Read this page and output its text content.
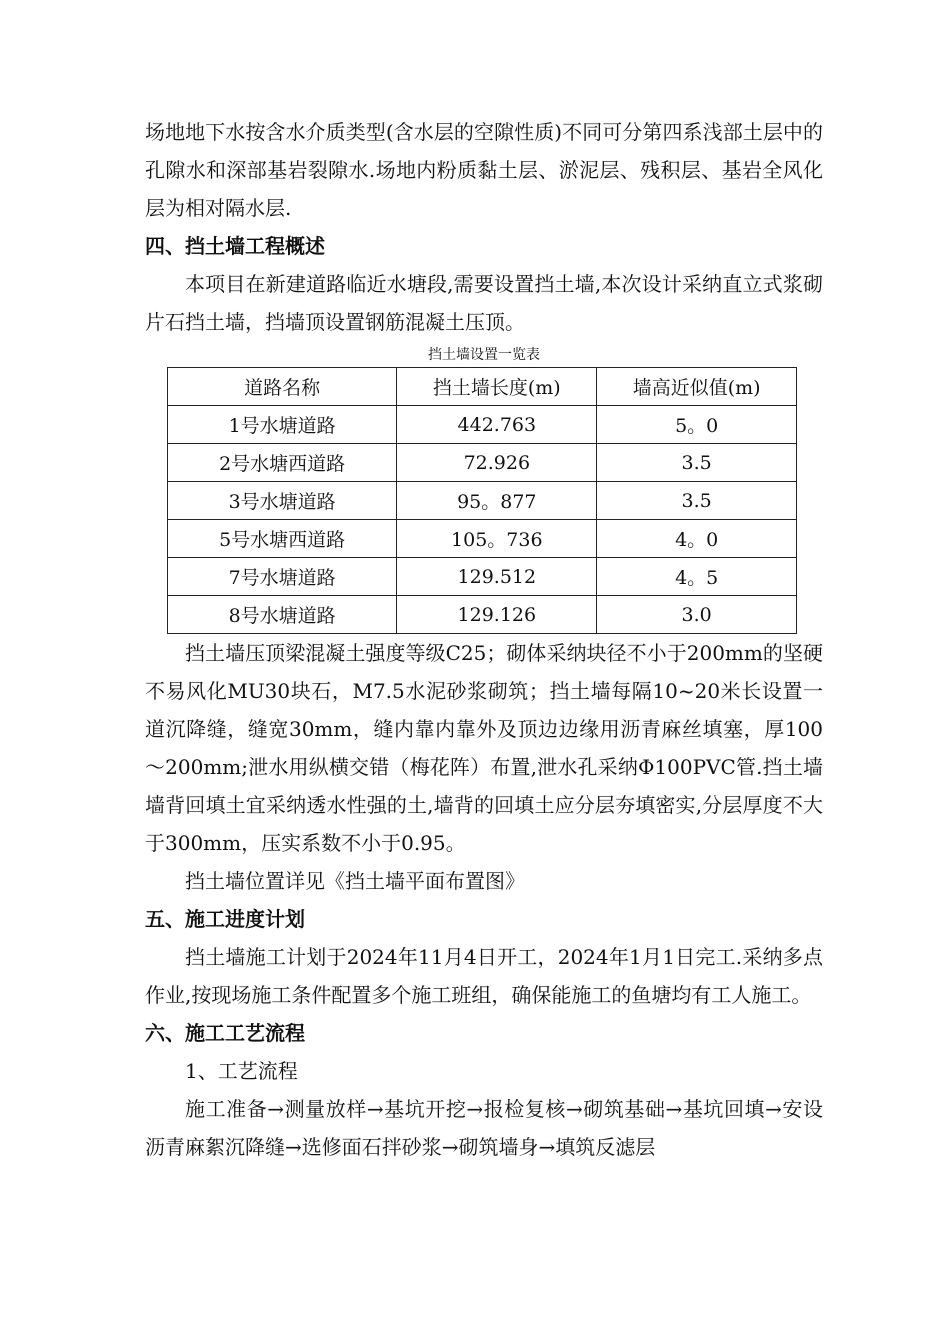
场地地下水按含水介质类型(含水层的空隙性质)不同可分第四系浅部土层中的孔隙水和深部基岩裂隙水.场地内粉质黏土层、淤泥层、残积层、基岩全风化层为相对隔水层.

四、挡土墙工程概述

本项目在新建道路临近水塘段,需要设置挡土墙,本次设计采纳直立式浆砌片石挡土墙，挡墙顶设置钢筋混凝土压顶。

挡土墙设置一览表

道路名称	挡土墙长度(m)	墙高近似值(m)
1号水塘道路	442.763	5。0
2号水塘西道路	72.926	3.5
3号水塘道路	95。877	3.5
5号水塘西道路	105。736	4。0
7号水塘道路	129.512	4。5
8号水塘道路	129.126	3.0

挡土墙压顶梁混凝土强度等级C25；砌体采纳块径不小于200mm的坚硬不易风化MU30块石，M7.5水泥砂浆砌筑；挡土墙每隔10~20米长设置一道沉降缝，缝宽30mm，缝内靠内靠外及顶边边缘用沥青麻丝填塞，厚100～200mm;泄水用纵横交错（梅花阵）布置,泄水孔采纳Φ100PVC管.挡土墙墙背回填土宜采纳透水性强的土,墙背的回填土应分层夯填密实,分层厚度不大于300mm，压实系数不小于0.95。

挡土墙位置详见《挡土墙平面布置图》

五、施工进度计划

挡土墙施工计划于2024年11月4日开工，2024年1月1日完工.采纳多点作业,按现场施工条件配置多个施工班组，确保能施工的鱼塘均有工人施工。

六、施工工艺流程

1、工艺流程

施工准备→测量放样→基坑开挖→报检复核→砌筑基础→基坑回填→安设沥青麻絮沉降缝→选修面石拌砂浆→砌筑墙身→填筑反滤层
